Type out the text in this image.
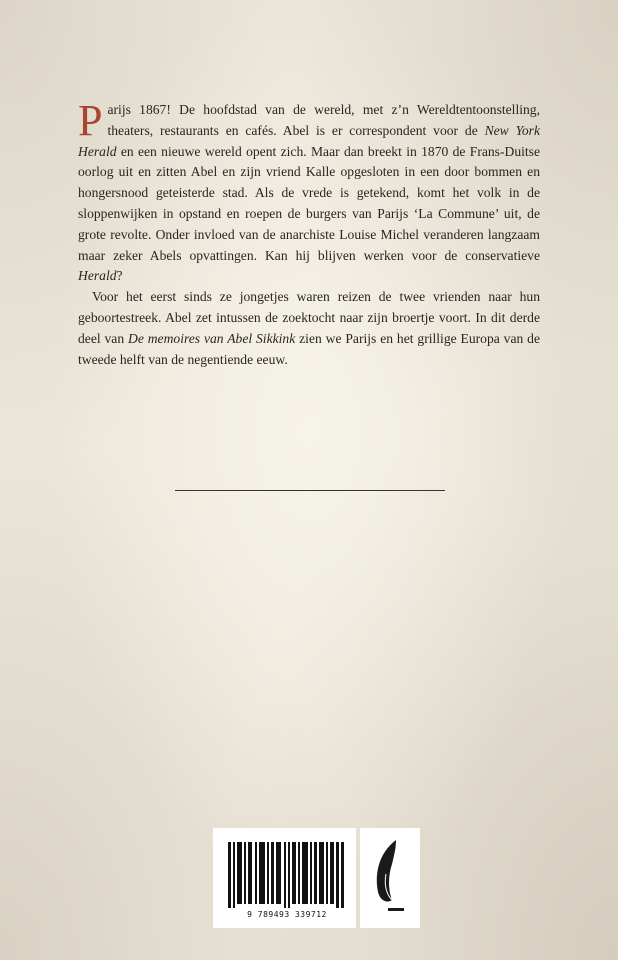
Parijs 1867! De hoofdstad van de wereld, met z’n Wereldtentoonstelling, theaters, restaurants en cafés. Abel is er correspondent voor de New York Herald en een nieuwe wereld opent zich. Maar dan breekt in 1870 de Frans-Duitse oorlog uit en zitten Abel en zijn vriend Kalle opgesloten in een door bommen en hongersnood geteisterde stad. Als de vrede is getekend, komt het volk in de sloppenwijken in opstand en roepen de burgers van Parijs ‘La Commune’ uit, de grote revolte. Onder invloed van de anarchiste Louise Michel veranderen langzaam maar zeker Abels opvattingen. Kan hij blijven werken voor de conservatieve Herald?

Voor het eerst sinds ze jongetjes waren reizen de twee vrienden naar hun geboortestreek. Abel zet intussen de zoektocht naar zijn broertje voort. In dit derde deel van De memoires van Abel Sikkink zien we Parijs en het grillige Europa van de tweede helft van de negentiende eeuw.

9 789493 339712
